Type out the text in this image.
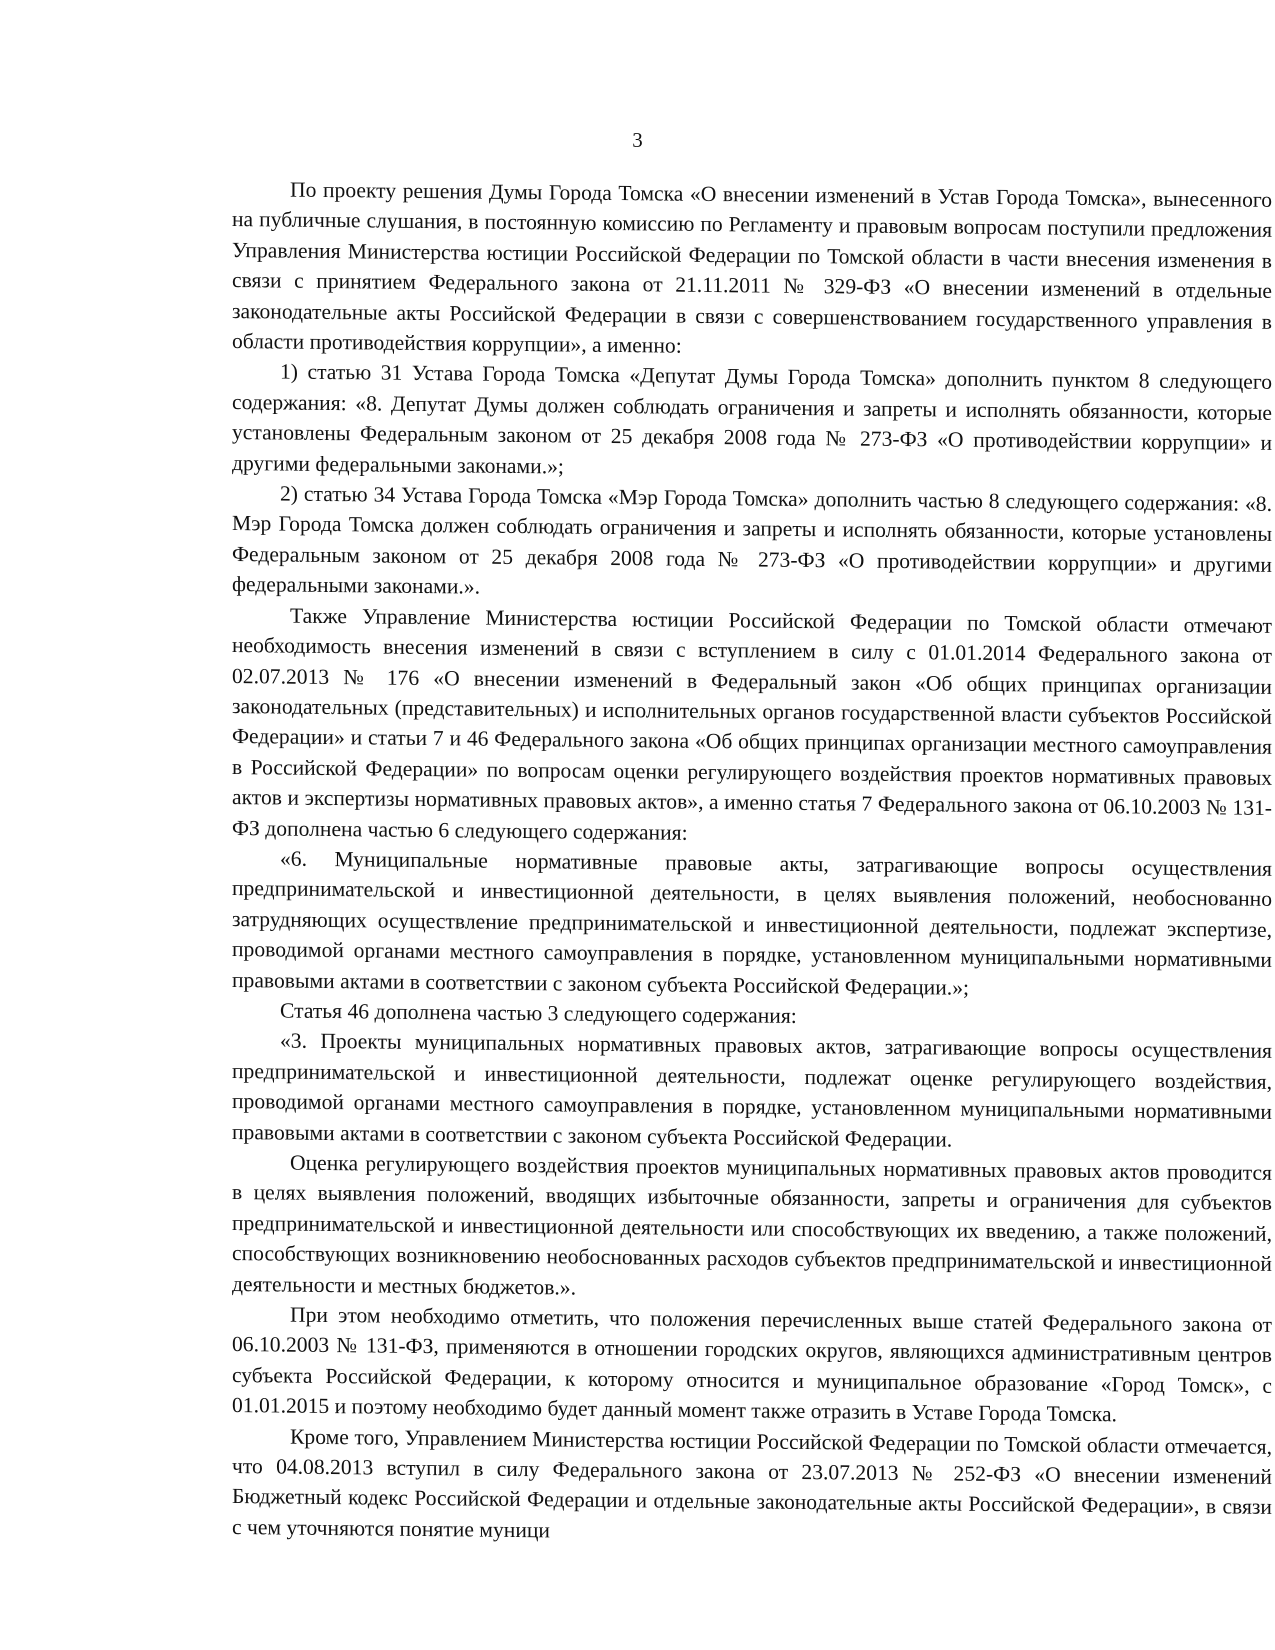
3

По проекту решения Думы Города Томска «О внесении изменений в Устав Города Томска», вынесенного на публичные слушания, в постоянную комиссию по Регламенту и правовым вопросам поступили предложения Управления Министерства юстиции Российской Федерации по Томской области в части внесения изменения в связи с принятием Федерального закона от 21.11.2011 № 329-ФЗ «О внесении изменений в отдельные законодательные акты Российской Федерации в связи с совершенствованием государственного управления в области противодействия коррупции», а именно:

1) статью 31 Устава Города Томска «Депутат Думы Города Томска» дополнить пунктом 8 следующего содержания: «8. Депутат Думы должен соблюдать ограничения и запреты и исполнять обязанности, которые установлены Федеральным законом от 25 декабря 2008 года № 273-ФЗ «О противодействии коррупции» и другими федеральными законами.»;

2) статью 34 Устава Города Томска «Мэр Города Томска» дополнить частью 8 следующего содержания: «8. Мэр Города Томска должен соблюдать ограничения и запреты и исполнять обязанности, которые установлены Федеральным законом от 25 декабря 2008 года № 273-ФЗ «О противодействии коррупции» и другими федеральными законами.».

Также Управление Министерства юстиции Российской Федерации по Томской области отмечают необходимость внесения изменений в связи с вступлением в силу с 01.01.2014 Федерального закона от 02.07.2013 № 176 «О внесении изменений в Федеральный закон «Об общих принципах организации законодательных (представительных) и исполнительных органов государственной власти субъектов Российской Федерации» и статьи 7 и 46 Федерального закона «Об общих принципах организации местного самоуправления в Российской Федерации» по вопросам оценки регулирующего воздействия проектов нормативных правовых актов и экспертизы нормативных правовых актов», а именно статья 7 Федерального закона от 06.10.2003 № 131-ФЗ дополнена частью 6 следующего содержания:

«6. Муниципальные нормативные правовые акты, затрагивающие вопросы осуществления предпринимательской и инвестиционной деятельности, в целях выявления положений, необоснованно затрудняющих осуществление предпринимательской и инвестиционной деятельности, подлежат экспертизе, проводимой органами местного самоуправления в порядке, установленном муниципальными нормативными правовыми актами в соответствии с законом субъекта Российской Федерации.»;

Статья 46 дополнена частью 3 следующего содержания:

«3. Проекты муниципальных нормативных правовых актов, затрагивающие вопросы осуществления предпринимательской и инвестиционной деятельности, подлежат оценке регулирующего воздействия, проводимой органами местного самоуправления в порядке, установленном муниципальными нормативными правовыми актами в соответствии с законом субъекта Российской Федерации.

Оценка регулирующего воздействия проектов муниципальных нормативных правовых актов проводится в целях выявления положений, вводящих избыточные обязанности, запреты и ограничения для субъектов предпринимательской и инвестиционной деятельности или способствующих их введению, а также положений, способствующих возникновению необоснованных расходов субъектов предпринимательской и инвестиционной деятельности и местных бюджетов.».

При этом необходимо отметить, что положения перечисленных выше статей Федерального закона от 06.10.2003 № 131-ФЗ, применяются в отношении городских округов, являющихся административным центров субъекта Российской Федерации, к которому относится и муниципальное образование «Город Томск», с 01.01.2015 и поэтому необходимо будет данный момент также отразить в Уставе Города Томска.

Кроме того, Управлением Министерства юстиции Российской Федерации по Томской области отмечается, что 04.08.2013 вступил в силу Федерального закона от 23.07.2013 № 252-ФЗ «О внесении изменений Бюджетный кодекс Российской Федерации и отдельные законодательные акты Российской Федерации», в связи с чем уточняются понятие муници
